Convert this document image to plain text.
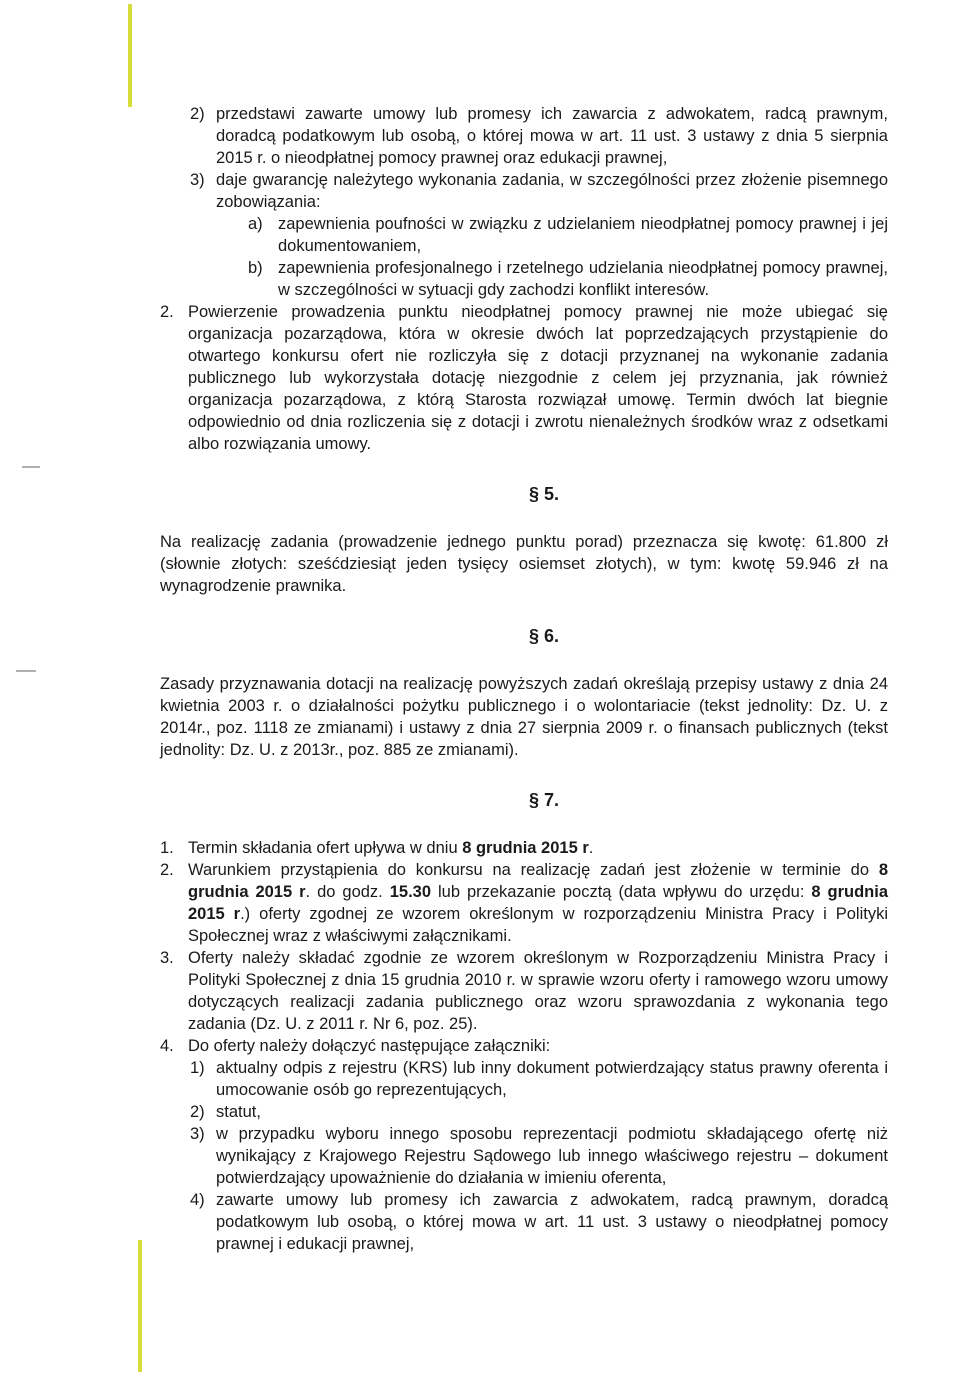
2) przedstawi zawarte umowy lub promesy ich zawarcia z adwokatem, radcą prawnym, doradcą podatkowym lub osobą, o której mowa w art. 11 ust. 3 ustawy z dnia 5 sierpnia 2015 r. o nieodpłatnej pomocy prawnej oraz edukacji prawnej,
3) daje gwarancję należytego wykonania zadania, w szczególności przez złożenie pisemnego zobowiązania:
a) zapewnienia poufności w związku z udzielaniem nieodpłatnej pomocy prawnej i jej dokumentowaniem,
b) zapewnienia profesjonalnego i rzetelnego udzielania nieodpłatnej pomocy prawnej, w szczególności w sytuacji gdy zachodzi konflikt interesów.
2. Powierzenie prowadzenia punktu nieodpłatnej pomocy prawnej nie może ubiegać się organizacja pozarządowa, która w okresie dwóch lat poprzedzających przystąpienie do otwartego konkursu ofert nie rozliczyła się z dotacji przyznanej na wykonanie zadania publicznego lub wykorzystała dotację niezgodnie z celem jej przyznania, jak również organizacja pozarządowa, z którą Starosta rozwiązał umowę. Termin dwóch lat biegnie odpowiednio od dnia rozliczenia się z dotacji i zwrotu nienależnych środków wraz z odsetkami albo rozwiązania umowy.

§ 5.

Na realizację zadania (prowadzenie jednego punktu porad) przeznacza się kwotę: 61.800 zł (słownie złotych: sześćdziesiąt jeden tysięcy osiemset złotych), w tym: kwotę 59.946 zł na wynagrodzenie prawnika.

§ 6.

Zasady przyznawania dotacji na realizację powyższych zadań określają przepisy ustawy z dnia 24 kwietnia 2003 r. o działalności pożytku publicznego i o wolontariacie (tekst jednolity: Dz. U. z 2014r., poz. 1118 ze zmianami) i ustawy z dnia 27 sierpnia 2009 r. o finansach publicznych (tekst jednolity: Dz. U. z 2013r., poz. 885 ze zmianami).

§ 7.

1. Termin składania ofert upływa w dniu 8 grudnia 2015 r.
2. Warunkiem przystąpienia do konkursu na realizację zadań jest złożenie w terminie do 8 grudnia 2015 r. do godz. 15.30 lub przekazanie pocztą (data wpływu do urzędu: 8 grudnia 2015 r.) oferty zgodnej ze wzorem określonym w rozporządzeniu Ministra Pracy i Polityki Społecznej wraz z właściwymi załącznikami.
3. Oferty należy składać zgodnie ze wzorem określonym w Rozporządzeniu Ministra Pracy i Polityki Społecznej z dnia 15 grudnia 2010 r. w sprawie wzoru oferty i ramowego wzoru umowy dotyczących realizacji zadania publicznego oraz wzoru sprawozdania z wykonania tego zadania (Dz. U. z 2011 r. Nr 6, poz. 25).
4. Do oferty należy dołączyć następujące załączniki:
1) aktualny odpis z rejestru (KRS) lub inny dokument potwierdzający status prawny oferenta i umocowanie osób go reprezentujących,
2) statut,
3) w przypadku wyboru innego sposobu reprezentacji podmiotu składającego ofertę niż wynikający z Krajowego Rejestru Sądowego lub innego właściwego rejestru – dokument potwierdzający upoważnienie do działania w imieniu oferenta,
4) zawarte umowy lub promesy ich zawarcia z adwokatem, radcą prawnym, doradcą podatkowym lub osobą, o której mowa w art. 11 ust. 3 ustawy o nieodpłatnej pomocy prawnej i edukacji prawnej,
